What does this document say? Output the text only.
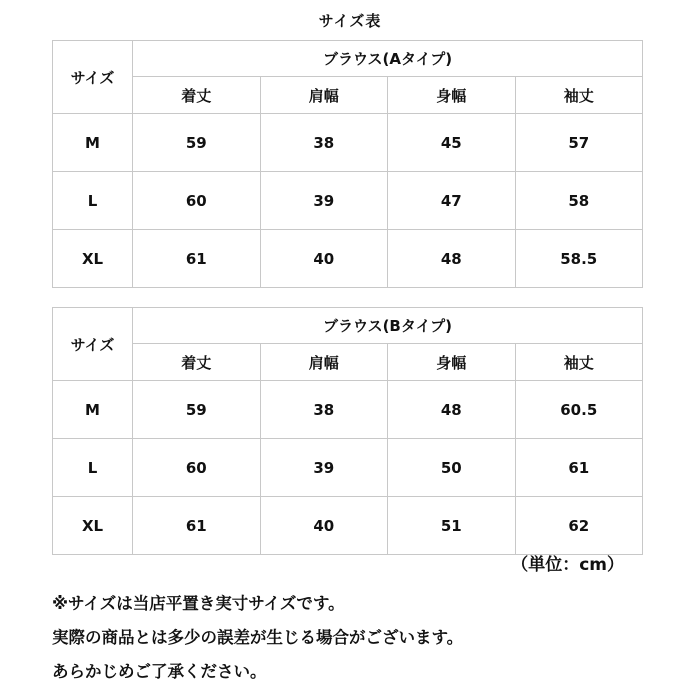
サイズ表
サイズ	ブラウス(Aタイプ)			
	着丈	肩幅	身幅	袖丈
M	59	38	45	57
L	60	39	47	58
XL	61	40	48	58.5
サイズ	ブラウス(Bタイプ)			
	着丈	肩幅	身幅	袖丈
M	59	38	48	60.5
L	60	39	50	61
XL	61	40	51	62
（単位：cm）
※サイズは当店平置き実寸サイズです。
実際の商品とは多少の誤差が生じる場合がございます。
あらかじめご了承ください。
